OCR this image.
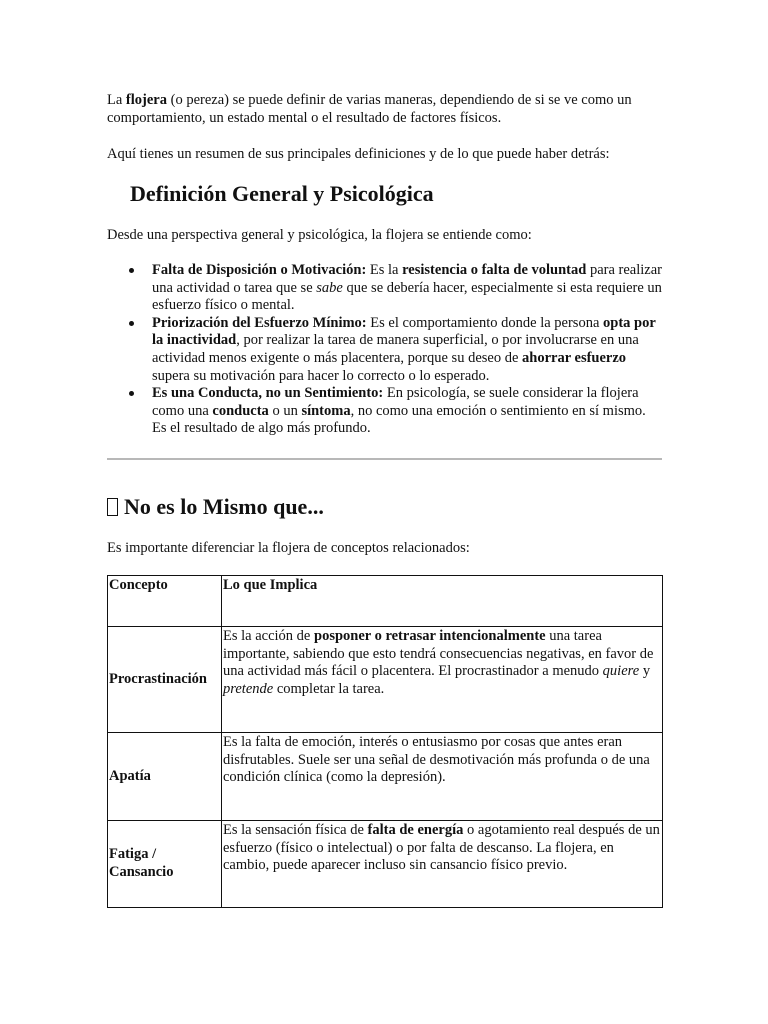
La flojera (o pereza) se puede definir de varias maneras, dependiendo de si se ve como un comportamiento, un estado mental o el resultado de factores físicos.

Aquí tienes un resumen de sus principales definiciones y de lo que puede haber detrás:

Definición General y Psicológica

Desde una perspectiva general y psicológica, la flojera se entiende como:

Falta de Disposición o Motivación: Es la resistencia o falta de voluntad para realizar una actividad o tarea que se sabe que se debería hacer, especialmente si esta requiere un esfuerzo físico o mental.
Priorización del Esfuerzo Mínimo: Es el comportamiento donde la persona opta por la inactividad, por realizar la tarea de manera superficial, o por involucrarse en una actividad menos exigente o más placentera, porque su deseo de ahorrar esfuerzo supera su motivación para hacer lo correcto o lo esperado.
Es una Conducta, no un Sentimiento: En psicología, se suele considerar la flojera como una conducta o un síntoma, no como una emoción o sentimiento en sí mismo. Es el resultado de algo más profundo.
No es lo Mismo que...

Es importante diferenciar la flojera de conceptos relacionados:

Concepto	Lo que Implica
Procrastinación	Es la acción de posponer o retrasar intencionalmente una tarea importante, sabiendo que esto tendrá consecuencias negativas, en favor de una actividad más fácil o placentera. El procrastinador a menudo quiere y pretende completar la tarea.
Apatía	Es la falta de emoción, interés o entusiasmo por cosas que antes eran disfrutables. Suele ser una señal de desmotivación más profunda o de una condición clínica (como la depresión).
Fatiga / Cansancio	Es la sensación física de falta de energía o agotamiento real después de un esfuerzo (físico o intelectual) o por falta de descanso. La flojera, en cambio, puede aparecer incluso sin cansancio físico previo.
